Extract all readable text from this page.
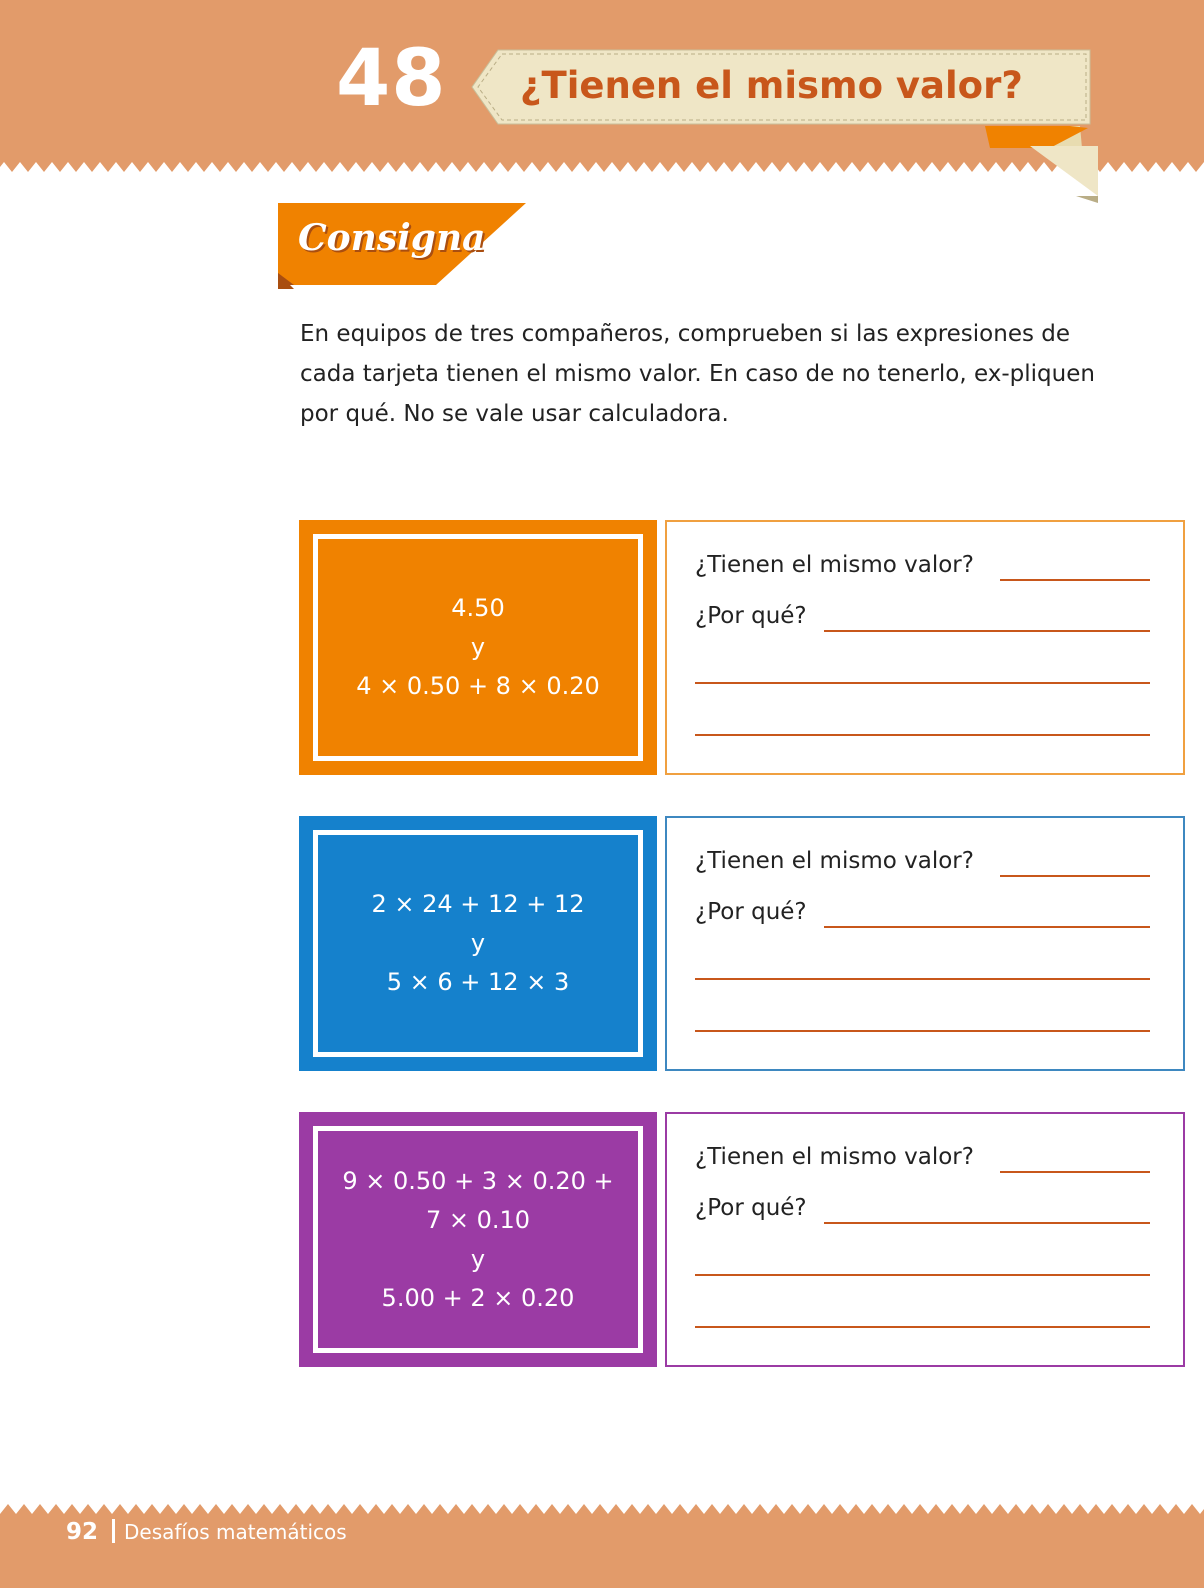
48 ¿Tienen el mismo valor?
Consigna
En equipos de tres compañeros, comprueben si las expresiones de cada tarjeta tienen el mismo valor. En caso de no tenerlo, ex-pliquen por qué. No se vale usar calculadora.
4.50
y
4 × 0.50 + 8 × 0.20
¿Tienen el mismo valor?
¿Por qué?
2 × 24 + 12 + 12
y
5 × 6 + 12 × 3
¿Tienen el mismo valor?
¿Por qué?
9 × 0.50 + 3 × 0.20 +
7 × 0.10
y
5.00 + 2 × 0.20
¿Tienen el mismo valor?
¿Por qué?
92 Desafíos matemáticos
